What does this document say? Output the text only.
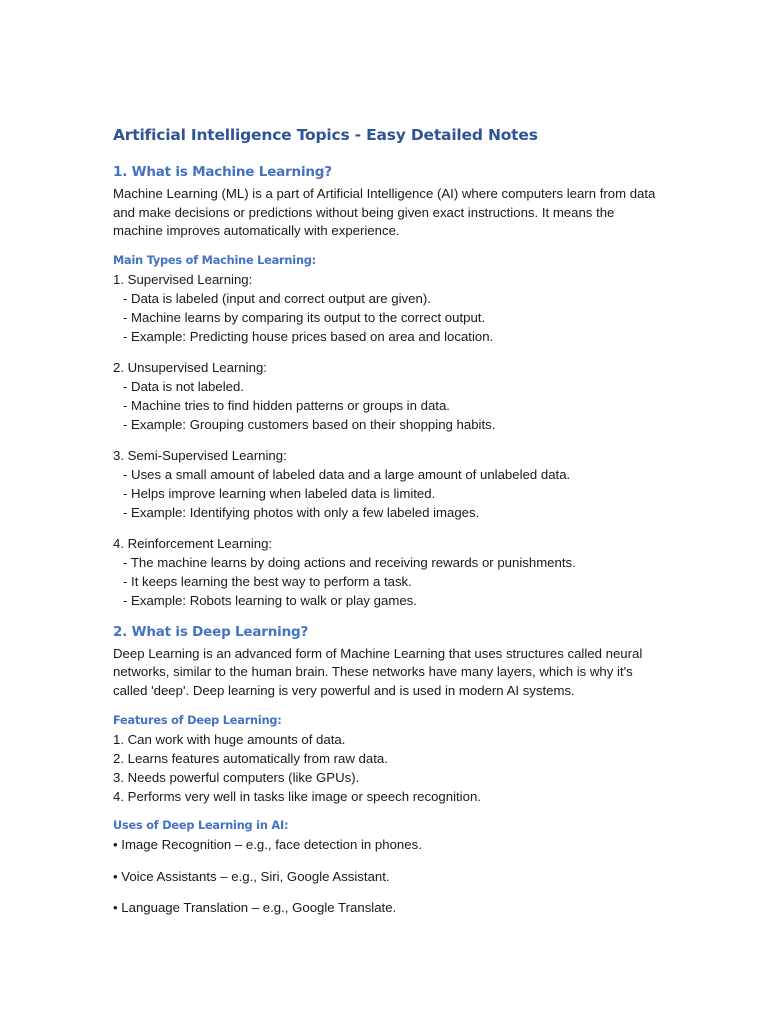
Artificial Intelligence Topics - Easy Detailed Notes
1. What is Machine Learning?

Machine Learning (ML) is a part of Artificial Intelligence (AI) where computers learn from data and make decisions or predictions without being given exact instructions. It means the machine improves automatically with experience.

Main Types of Machine Learning:

1. Supervised Learning:

- Data is labeled (input and correct output are given).

- Machine learns by comparing its output to the correct output.

- Example: Predicting house prices based on area and location.

2. Unsupervised Learning:

- Data is not labeled.

- Machine tries to find hidden patterns or groups in data.

- Example: Grouping customers based on their shopping habits.

3. Semi-Supervised Learning:

- Uses a small amount of labeled data and a large amount of unlabeled data.

- Helps improve learning when labeled data is limited.

- Example: Identifying photos with only a few labeled images.

4. Reinforcement Learning:

- The machine learns by doing actions and receiving rewards or punishments.

- It keeps learning the best way to perform a task.

- Example: Robots learning to walk or play games.

2. What is Deep Learning?

Deep Learning is an advanced form of Machine Learning that uses structures called neural networks, similar to the human brain. These networks have many layers, which is why it's called 'deep'. Deep learning is very powerful and is used in modern AI systems.

Features of Deep Learning:

1. Can work with huge amounts of data.

2. Learns features automatically from raw data.

3. Needs powerful computers (like GPUs).

4. Performs very well in tasks like image or speech recognition.

Uses of Deep Learning in AI:

• Image Recognition – e.g., face detection in phones.

• Voice Assistants – e.g., Siri, Google Assistant.

• Language Translation – e.g., Google Translate.
